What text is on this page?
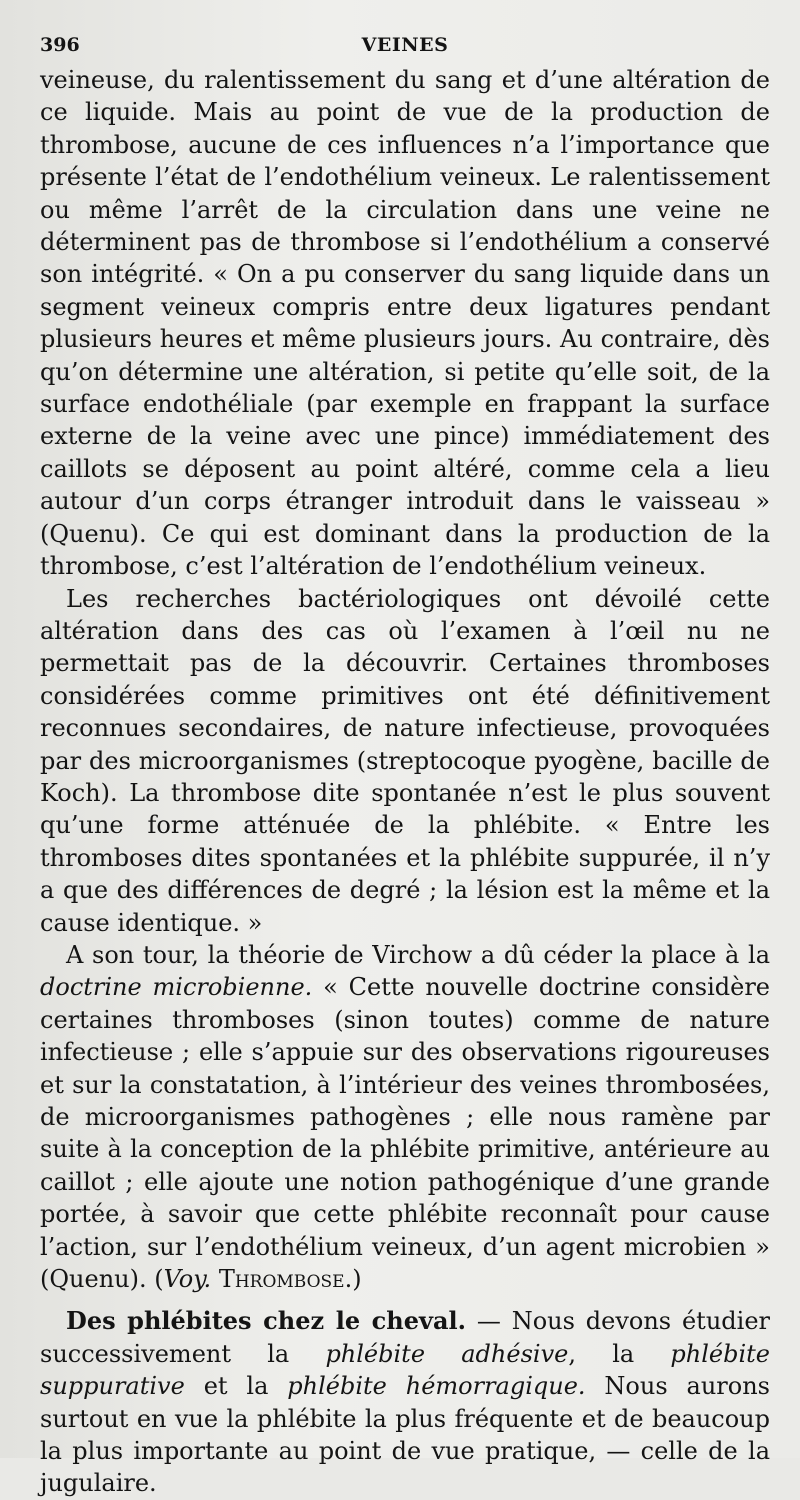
396	VEINES

veineuse, du ralentissement du sang et d’une altération de ce liquide. Mais au point de vue de la production de thrombose, aucune de ces influences n’a l’importance que présente l’état de l’endothélium veineux. Le ralentissement ou même l’arrêt de la circulation dans une veine ne déterminent pas de thrombose si l’endothélium a conservé son intégrité. « On a pu conserver du sang liquide dans un segment veineux compris entre deux ligatures pendant plusieurs heures et même plusieurs jours. Au contraire, dès qu’on détermine une altération, si petite qu’elle soit, de la surface endothéliale (par exemple en frappant la surface externe de la veine avec une pince) immédiatement des caillots se déposent au point altéré, comme cela a lieu autour d’un corps étranger introduit dans le vaisseau » (Quenu). Ce qui est dominant dans la production de la thrombose, c’est l’altération de l’endothélium veineux.

Les recherches bactériologiques ont dévoilé cette altération dans des cas où l’examen à l’œil nu ne permettait pas de la découvrir. Certaines thromboses considérées comme primitives ont été définitivement reconnues secondaires, de nature infectieuse, provoquées par des microorganismes (streptocoque pyogène, bacille de Koch). La thrombose dite spontanée n’est le plus souvent qu’une forme atténuée de la phlébite. « Entre les thromboses dites spontanées et la phlébite suppurée, il n’y a que des différences de degré ; la lésion est la même et la cause identique. »

A son tour, la théorie de Virchow a dû céder la place à la doctrine microbienne. « Cette nouvelle doctrine considère certaines thromboses (sinon toutes) comme de nature infectieuse ; elle s’appuie sur des observations rigoureuses et sur la constatation, à l’intérieur des veines thrombosées, de microorganismes pathogènes ; elle nous ramène par suite à la conception de la phlébite primitive, antérieure au caillot ; elle ajoute une notion pathogénique d’une grande portée, à savoir que cette phlébite reconnaît pour cause l’action, sur l’endothélium veineux, d’un agent microbien » (Quenu). (Voy. Thrombose.)

Des phlébites chez le cheval. — Nous devons étudier successivement la phlébite adhésive, la phlébite suppurative et la phlébite hémorragique. Nous aurons surtout en vue la phlébite la plus fréquente et de beaucoup la plus importante au point de vue pratique, — celle de la jugulaire.
